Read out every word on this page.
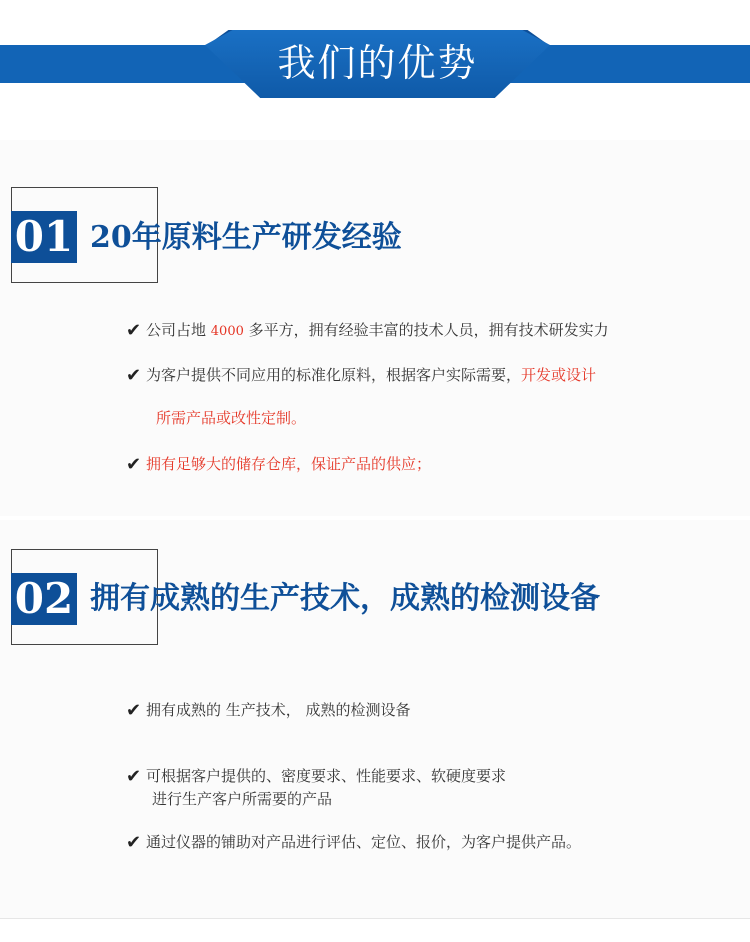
我们的优势
01 20年原料生产研发经验
✔ 公司占地 4000 多平方，拥有经验丰富的技术人员，拥有技术研发实力
✔ 为客户提供不同应用的标准化原料，根据客户实际需要，开发或设计
所需产品或改性定制。
✔ 拥有足够大的储存仓库，保证产品的供应；
02 拥有成熟的生产技术，成熟的检测设备
✔ 拥有成熟的 生产技术， 成熟的检测设备
✔ 可根据客户提供的、密度要求、性能要求、软硬度要求
进行生产客户所需要的产品
✔ 通过仪器的铺助对产品进行评估、定位、报价，为客户提供产品。
